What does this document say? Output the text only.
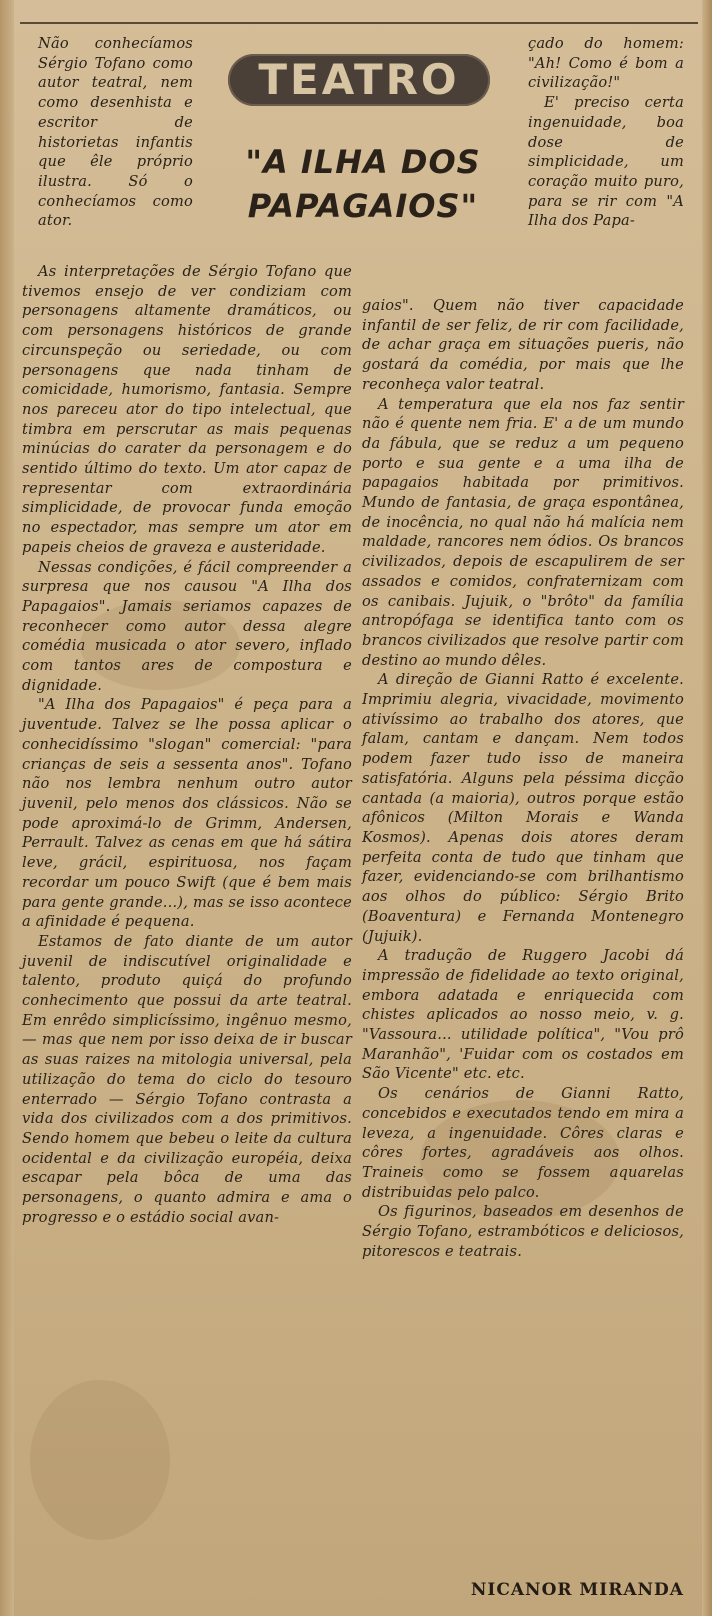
TEATRO
"A ILHA DOS PAPAGAIOS"

Não conhecíamos Sérgio Tofano como autor teatral, nem como desenhista e escritor de historietas infantis que êle próprio ilustra. Só o conhecíamos como ator.

As interpretações de Sérgio Tofano que tivemos ensejo de ver condiziam com personagens altamente dramáticos, ou com personagens históricos de grande circunspeção ou seriedade, ou com personagens que nada tinham de comicidade, humorismo, fantasia. Sempre nos pareceu ator do tipo intelectual, que timbra em perscrutar as mais pequenas minúcias do carater da personagem e do sentido último do texto. Um ator capaz de representar com extraordinária simplicidade, de provocar funda emoção no espectador, mas sempre um ator em papeis cheios de graveza e austeridade.

Nessas condições, é fácil compreender a surpresa que nos causou "A Ilha dos Papagaios". Jamais seriamos capazes de reconhecer como autor dessa alegre comédia musicada o ator severo, inflado com tantos ares de compostura e dignidade.

"A Ilha dos Papagaios" é peça para a juventude. Talvez se lhe possa aplicar o conhecidíssimo "slogan" comercial: "para crianças de seis a sessenta anos". Tofano não nos lembra nenhum outro autor juvenil, pelo menos dos clássicos. Não se pode aproximá-lo de Grimm, Andersen, Perrault. Talvez as cenas em que há sátira leve, grácil, espirituosa, nos façam recordar um pouco Swift (que é bem mais para gente grande...), mas se isso acontece a afinidade é pequena.

Estamos de fato diante de um autor juvenil de indiscutível originalidade e talento, produto quiçá do profundo conhecimento que possui da arte teatral. Em enrêdo simplicíssimo, ingênuo mesmo, — mas que nem por isso deixa de ir buscar as suas raizes na mitologia universal, pela utilização do tema do ciclo do tesouro enterrado — Sérgio Tofano contrasta a vida dos civilizados com a dos primitivos. Sendo homem que bebeu o leite da cultura ocidental e da civilização européia, deixa escapar pela bôca de uma das personagens, o quanto admira e ama o progresso e o estádio social avan-

çado do homem: "Ah! Como é bom a civilização!"

E' preciso certa ingenuidade, boa dose de simplicidade, um coração muito puro, para se rir com "A Ilha dos Papa-

gaios". Quem não tiver capacidade infantil de ser feliz, de rir com facilidade, de achar graça em situações pueris, não gostará da comédia, por mais que lhe reconheça valor teatral.

A temperatura que ela nos faz sentir não é quente nem fria. E' a de um mundo da fábula, que se reduz a um pequeno porto e sua gente e a uma ilha de papagaios habitada por primitivos. Mundo de fantasia, de graça espontânea, de inocência, no qual não há malícia nem maldade, rancores nem ódios. Os brancos civilizados, depois de escapulirem de ser assados e comidos, confraternizam com os canibais. Jujuik, o "brôto" da família antropófaga se identifica tanto com os brancos civilizados que resolve partir com destino ao mundo dêles.

A direção de Gianni Ratto é excelente. Imprimiu alegria, vivacidade, movimento ativíssimo ao trabalho dos atores, que falam, cantam e dançam. Nem todos podem fazer tudo isso de maneira satisfatória. Alguns pela péssima dicção cantada (a maioria), outros porque estão afônicos (Milton Morais e Wanda Kosmos). Apenas dois atores deram perfeita conta de tudo que tinham que fazer, evidenciando-se com brilhantismo aos olhos do público: Sérgio Brito (Boaventura) e Fernanda Montenegro (Jujuik).

A tradução de Ruggero Jacobi dá impressão de fidelidade ao texto original, embora adatada e enriquecida com chistes aplicados ao nosso meio, v. g. "Vassoura... utilidade política", "Vou prô Maranhão", 'Fuidar com os costados em São Vicente" etc. etc.

Os cenários de Gianni Ratto, concebidos e executados tendo em mira a leveza, a ingenuidade. Côres claras e côres fortes, agradáveis aos olhos. Traineis como se fossem aquarelas distribuidas pelo palco.

Os figurinos, baseados em desenhos de Sérgio Tofano, estrambóticos e deliciosos, pitorescos e teatrais.

NICANOR MIRANDA
